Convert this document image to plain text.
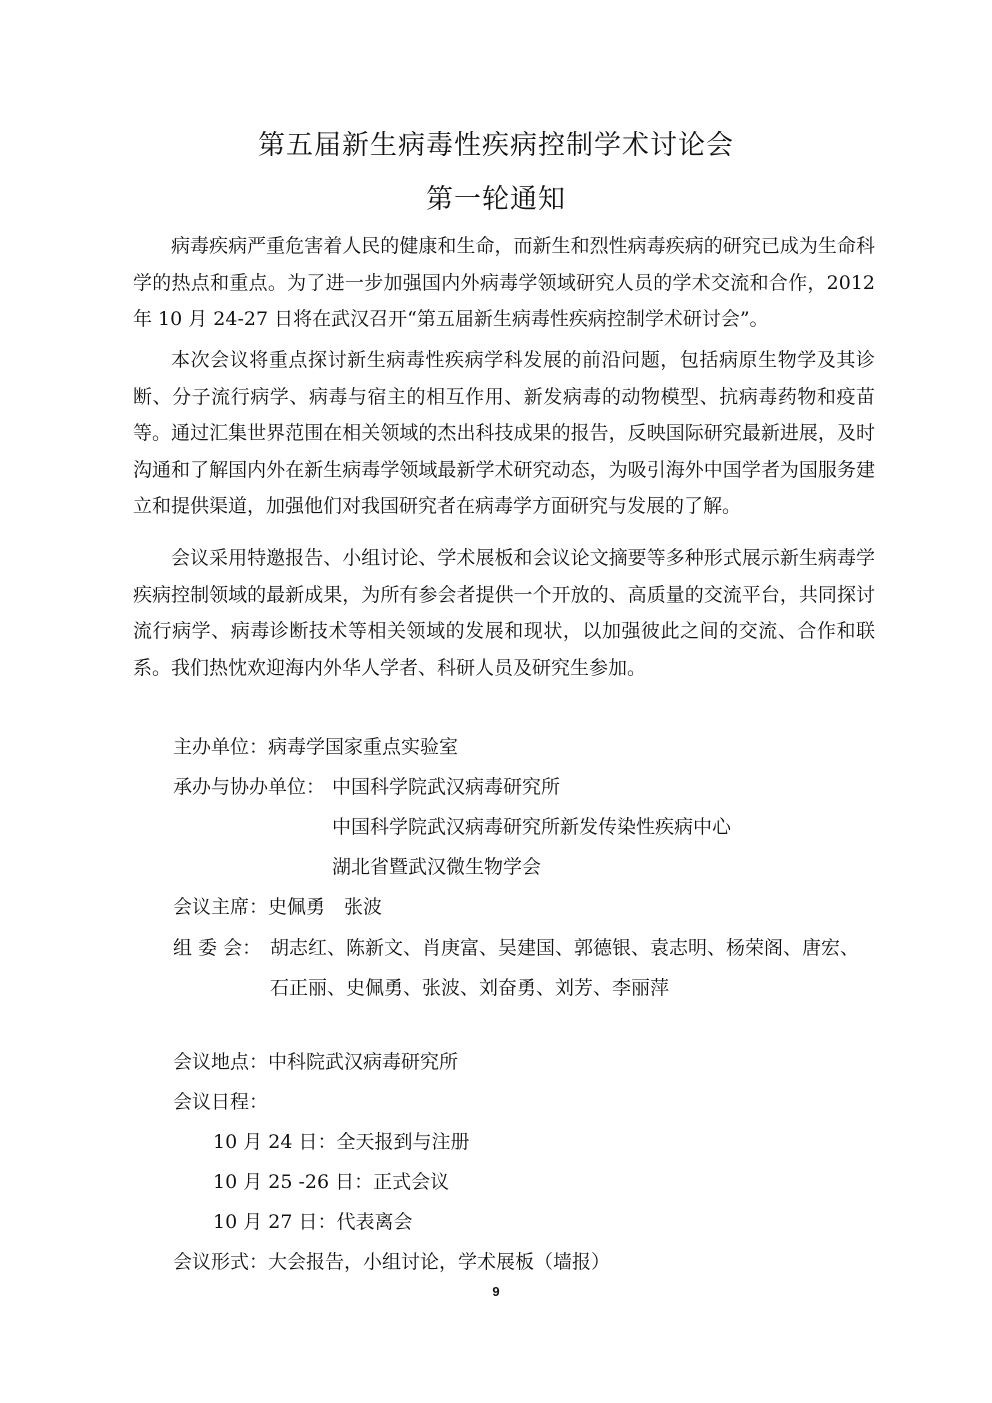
第五届新生病毒性疾病控制学术讨论会
第一轮通知

病毒疾病严重危害着人民的健康和生命，而新生和烈性病毒疾病的研究已成为生命科学的热点和重点。为了进一步加强国内外病毒学领域研究人员的学术交流和合作，2012 年 10 月 24-27 日将在武汉召开“第五届新生病毒性疾病控制学术研讨会”。

本次会议将重点探讨新生病毒性疾病学科发展的前沿问题，包括病原生物学及其诊断、分子流行病学、病毒与宿主的相互作用、新发病毒的动物模型、抗病毒药物和疫苗等。通过汇集世界范围在相关领域的杰出科技成果的报告，反映国际研究最新进展，及时沟通和了解国内外在新生病毒学领域最新学术研究动态，为吸引海外中国学者为国服务建立和提供渠道，加强他们对我国研究者在病毒学方面研究与发展的了解。

会议采用特邀报告、小组讨论、学术展板和会议论文摘要等多种形式展示新生病毒学疾病控制领域的最新成果，为所有参会者提供一个开放的、高质量的交流平台，共同探讨流行病学、病毒诊断技术等相关领域的发展和现状，以加强彼此之间的交流、合作和联系。我们热忱欢迎海内外华人学者、科研人员及研究生参加。

主办单位：病毒学国家重点实验室
承办与协办单位： 中国科学院武汉病毒研究所
中国科学院武汉病毒研究所新发传染性疾病中心
湖北省暨武汉微生物学会
会议主席：史佩勇　张波
组 委 会： 胡志红、陈新文、肖庚富、吴建国、郭德银、袁志明、杨荣阁、唐宏、
石正丽、史佩勇、张波、刘奋勇、刘芳、李丽萍
会议地点：中科院武汉病毒研究所
会议日程：
10 月 24 日：全天报到与注册
10 月 25 -26 日：正式会议
10 月 27 日：代表离会
会议形式：大会报告，小组讨论，学术展板（墙报）
9
